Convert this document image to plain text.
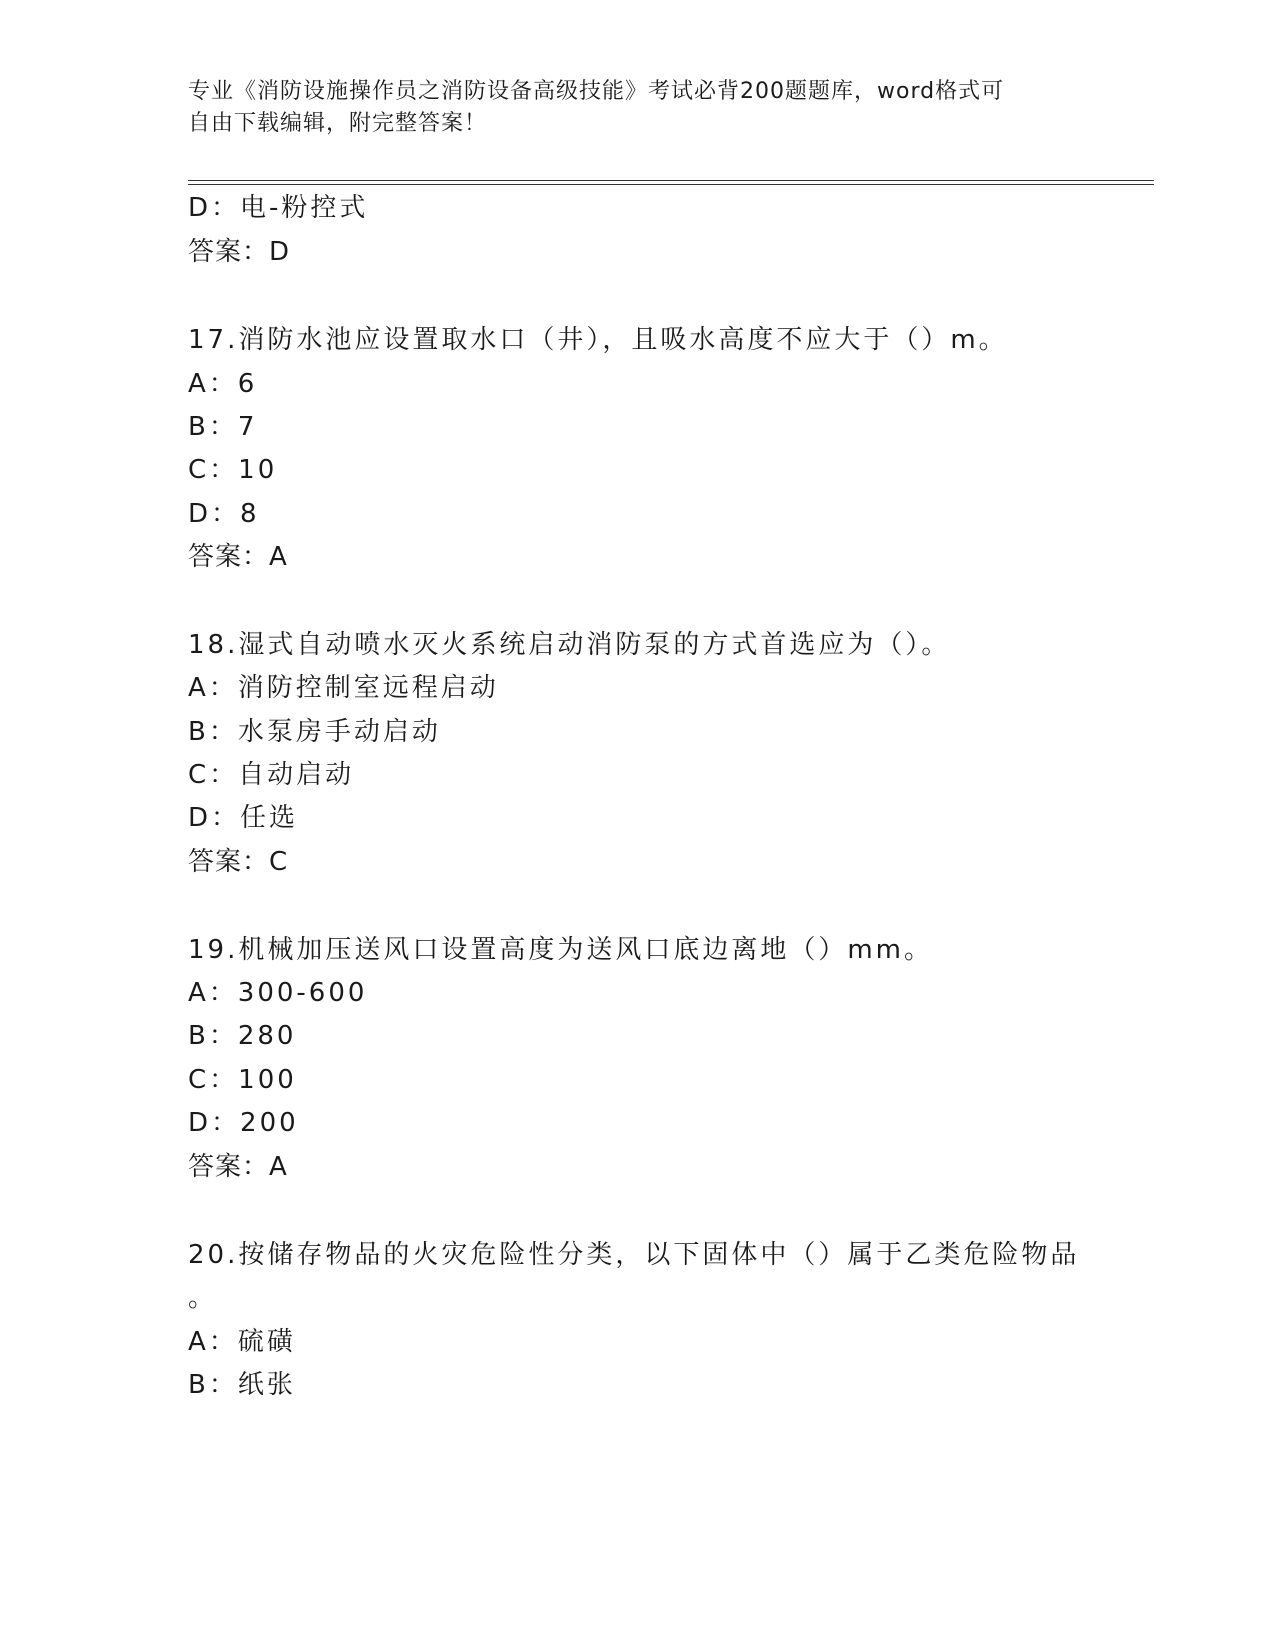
专业《消防设施操作员之消防设备高级技能》考试必背200题题库，word格式可
自由下载编辑，附完整答案！
D：电-粉控式
答案：D
17.消防水池应设置取水口（井），且吸水高度不应大于（）m。
A：6
B：7
C：10
D：8
答案：A
18.湿式自动喷水灭火系统启动消防泵的方式首选应为（）。
A：消防控制室远程启动
B：水泵房手动启动
C：自动启动
D：任选
答案：C
19.机械加压送风口设置高度为送风口底边离地（）mm。
A：300-600
B：280
C：100
D：200
答案：A
20.按储存物品的火灾危险性分类，以下固体中（）属于乙类危险物品
。
A：硫磺
B：纸张
